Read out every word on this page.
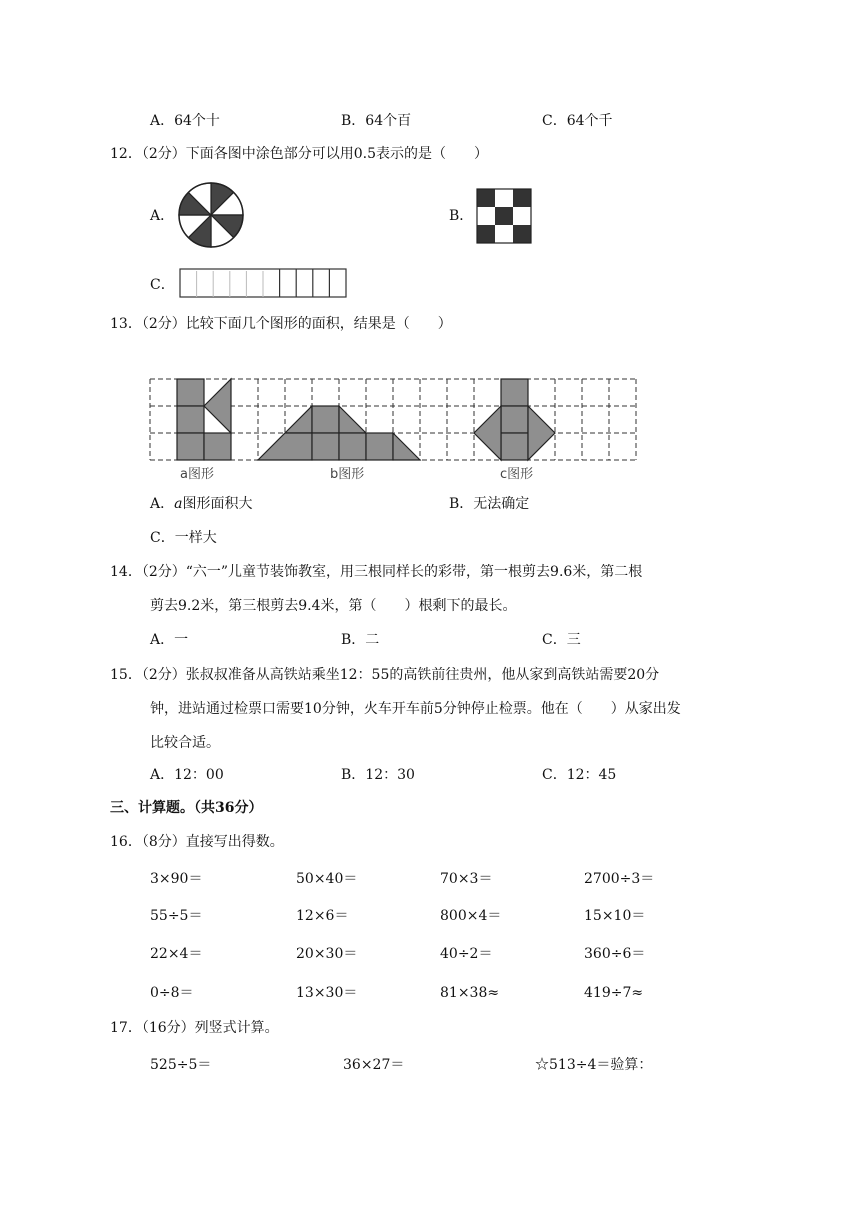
A．64个十	B．64个百	C．64个千
12．（2分）下面各图中涂色部分可以用0.5表示的是（　　）
A．	B．
C．
13．（2分）比较下面几个图形的面积，结果是（　　）
a图形	b图形	c图形
A．a图形面积大	B．无法确定
C．一样大
14．（2分）“六一”儿童节装饰教室，用三根同样长的彩带，第一根剪去9.6米，第二根
剪去9.2米，第三根剪去9.4米，第（　　）根剩下的最长。
A．一	B．二	C．三
15．（2分）张叔叔准备从高铁站乘坐12：55的高铁前往贵州，他从家到高铁站需要20分
钟，进站通过检票口需要10分钟，火车开车前5分钟停止检票。他在（　　）从家出发
比较合适。
A．12：00	B．12：30	C．12：45
三、计算题。（共36分）
16．（8分）直接写出得数。
3×90＝	50×40＝	70×3＝	2700÷3＝
55÷5＝	12×6＝	800×4＝	15×10＝
22×4＝	20×30＝	40÷2＝	360÷6＝
0÷8＝	13×30＝	81×38≈	419÷7≈
17．（16分）列竖式计算。
525÷5＝	36×27＝	☆513÷4＝验算：
